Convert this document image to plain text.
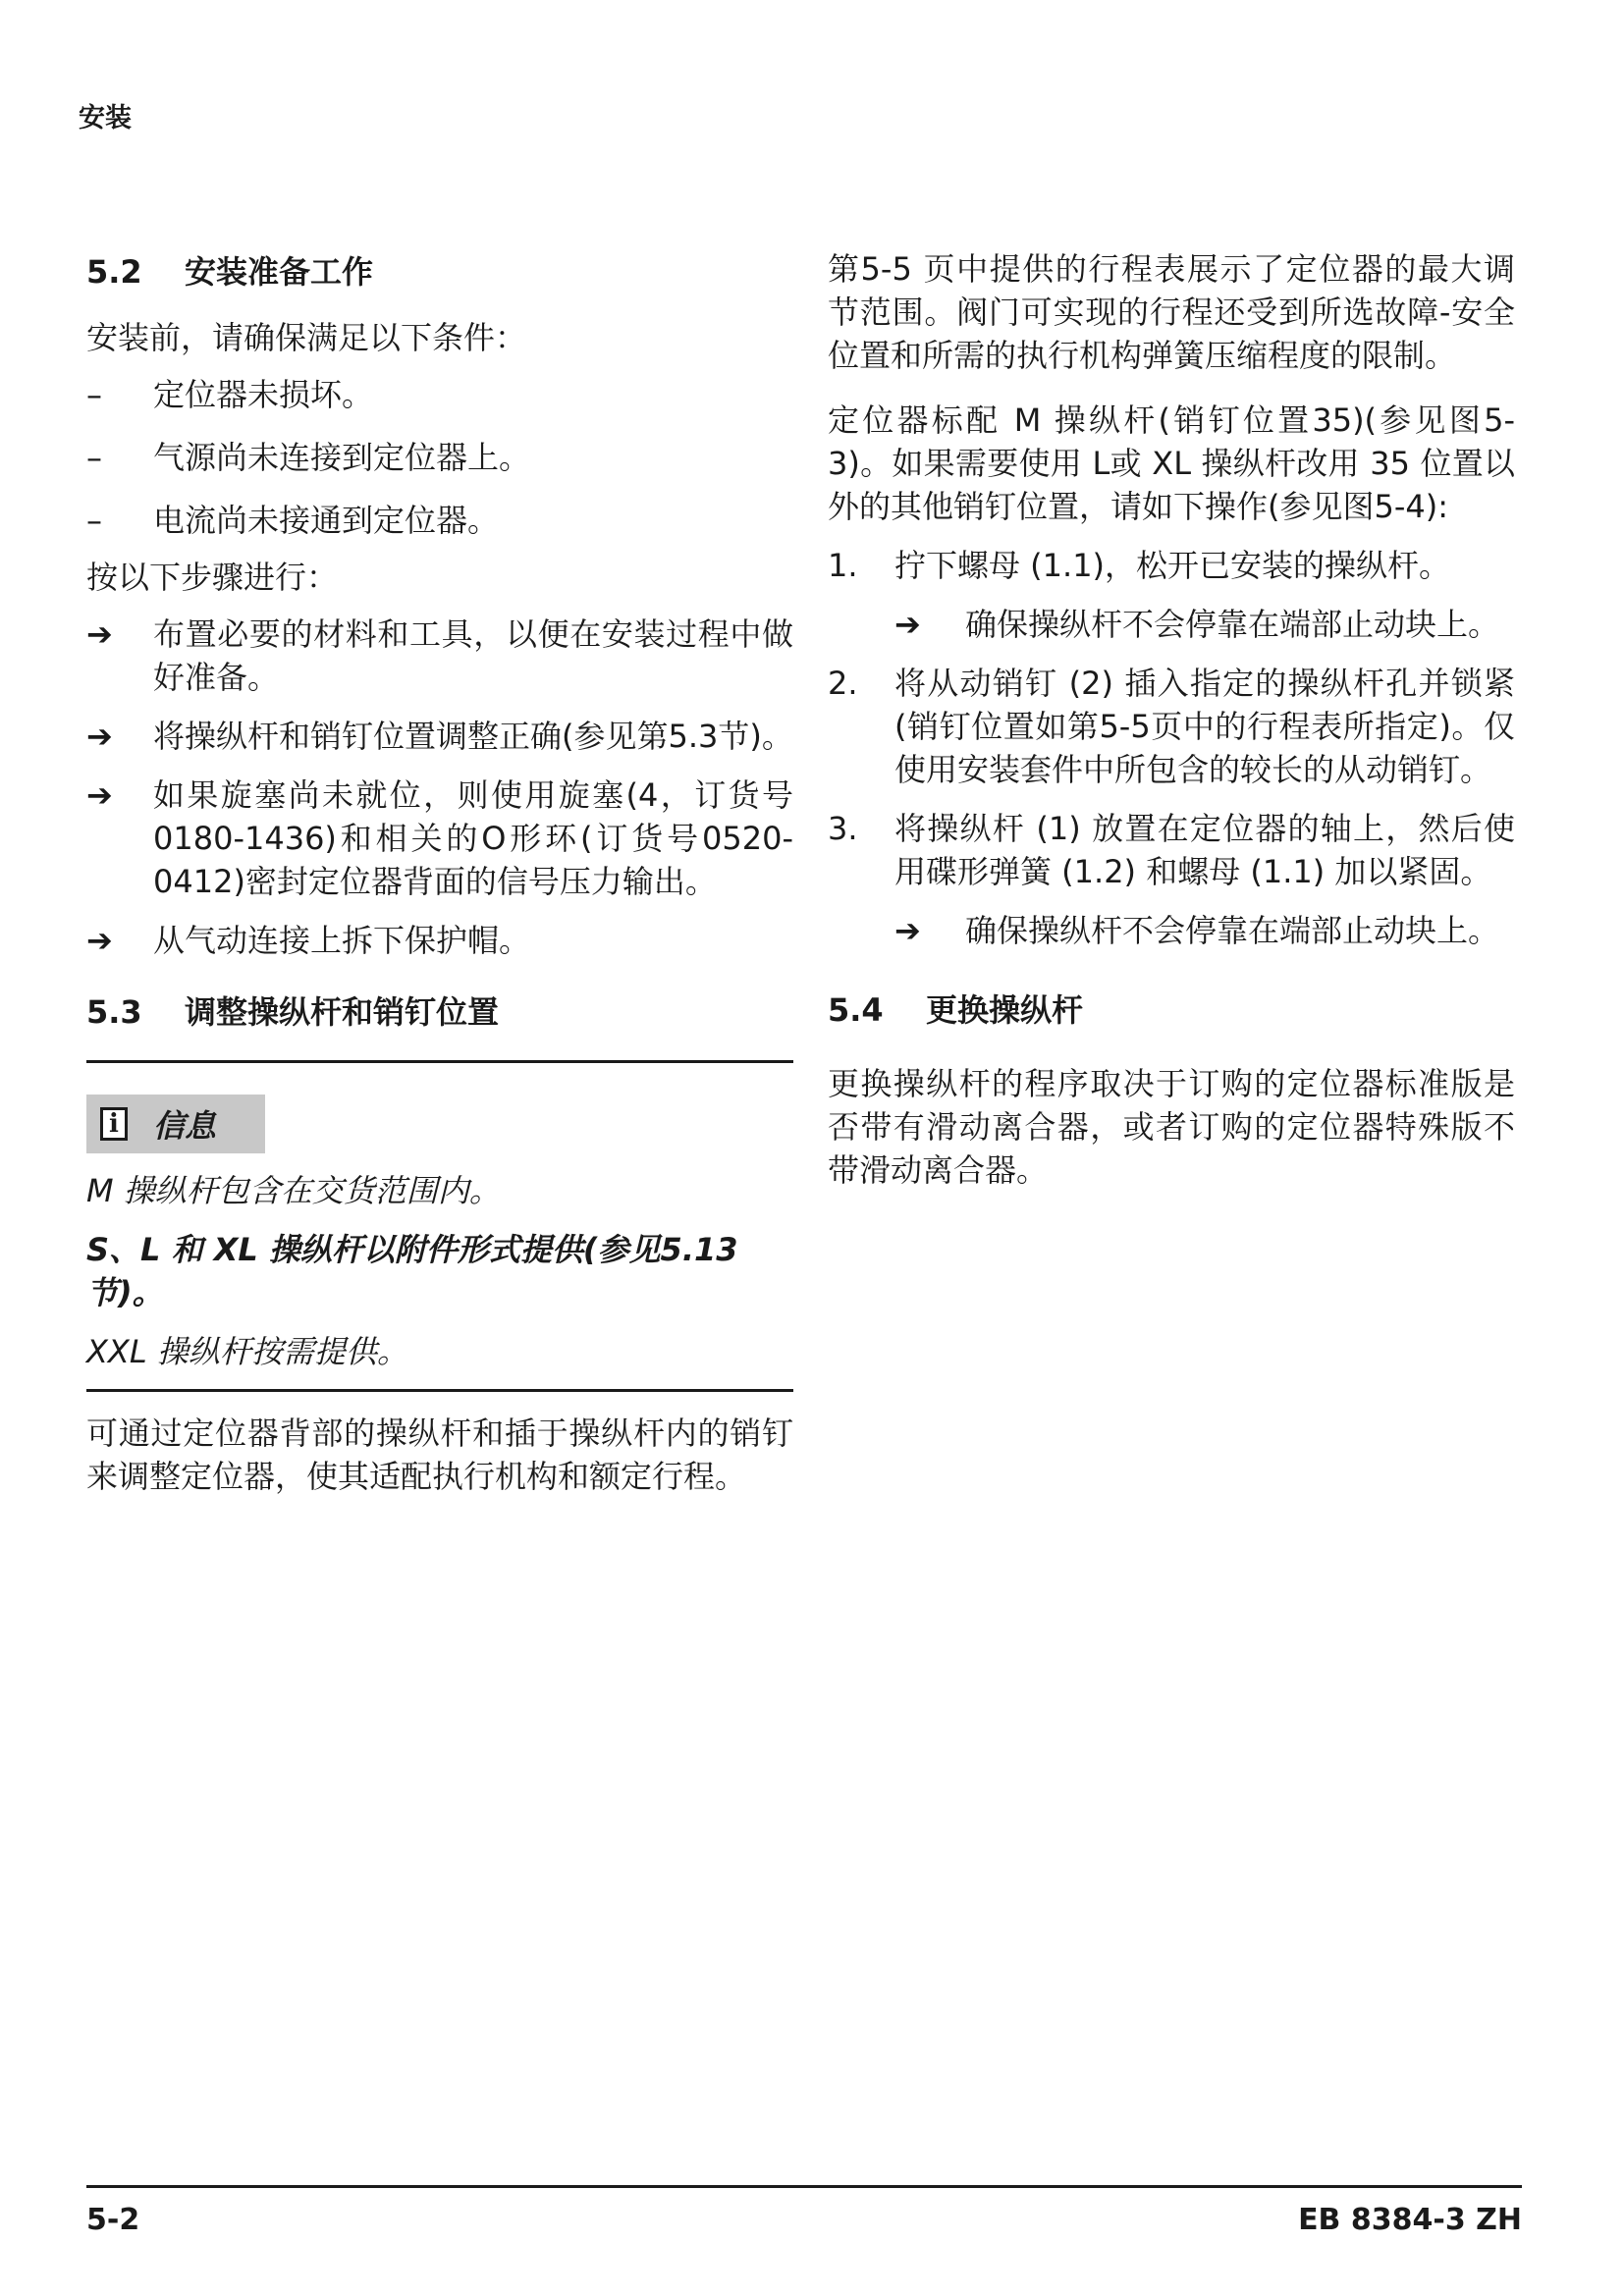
安装
5.2	安装准备工作

安装前，请确保满足以下条件：

–	定位器未损坏。
–	气源尚未连接到定位器上。
–	电流尚未接通到定位器。

按以下步骤进行：

➔	布置必要的材料和工具，以便在安装过程中做好准备。
➔	将操纵杆和销钉位置调整正确(参见第5.3节)。
➔	如果旋塞尚未就位，则使用旋塞(4，订货号0180-1436)和相关的O形环(订货号0520-0412)密封定位器背面的信号压力输出。
➔	从气动连接上拆下保护帽。
5.3	调整操纵杆和销钉位置
i 信息

M 操纵杆包含在交货范围内。

S、L 和 XL 操纵杆以附件形式提供(参见5.13节)。

XXL 操纵杆按需提供。

可通过定位器背部的操纵杆和插于操纵杆内的销钉来调整定位器，使其适配执行机构和额定行程。

第5-5 页中提供的行程表展示了定位器的最大调节范围。阀门可实现的行程还受到所选故障-安全位置和所需的执行机构弹簧压缩程度的限制。

定位器标配 M 操纵杆(销钉位置35)(参见图5-3)。如果需要使用 L或 XL 操纵杆改用 35 位置以外的其他销钉位置，请如下操作(参见图5-4):

1.	拧下螺母 (1.1)，松开已安装的操纵杆。
➔	确保操纵杆不会停靠在端部止动块上。
2.	将从动销钉 (2) 插入指定的操纵杆孔并锁紧(销钉位置如第5-5页中的行程表所指定)。仅使用安装套件中所包含的较长的从动销钉。
3.	将操纵杆 (1) 放置在定位器的轴上，然后使用碟形弹簧 (1.2) 和螺母 (1.1) 加以紧固。
➔	确保操纵杆不会停靠在端部止动块上。
5.4	更换操纵杆

更换操纵杆的程序取决于订购的定位器标准版是否带有滑动离合器，或者订购的定位器特殊版不带滑动离合器。

5-2	EB 8384-3 ZH
